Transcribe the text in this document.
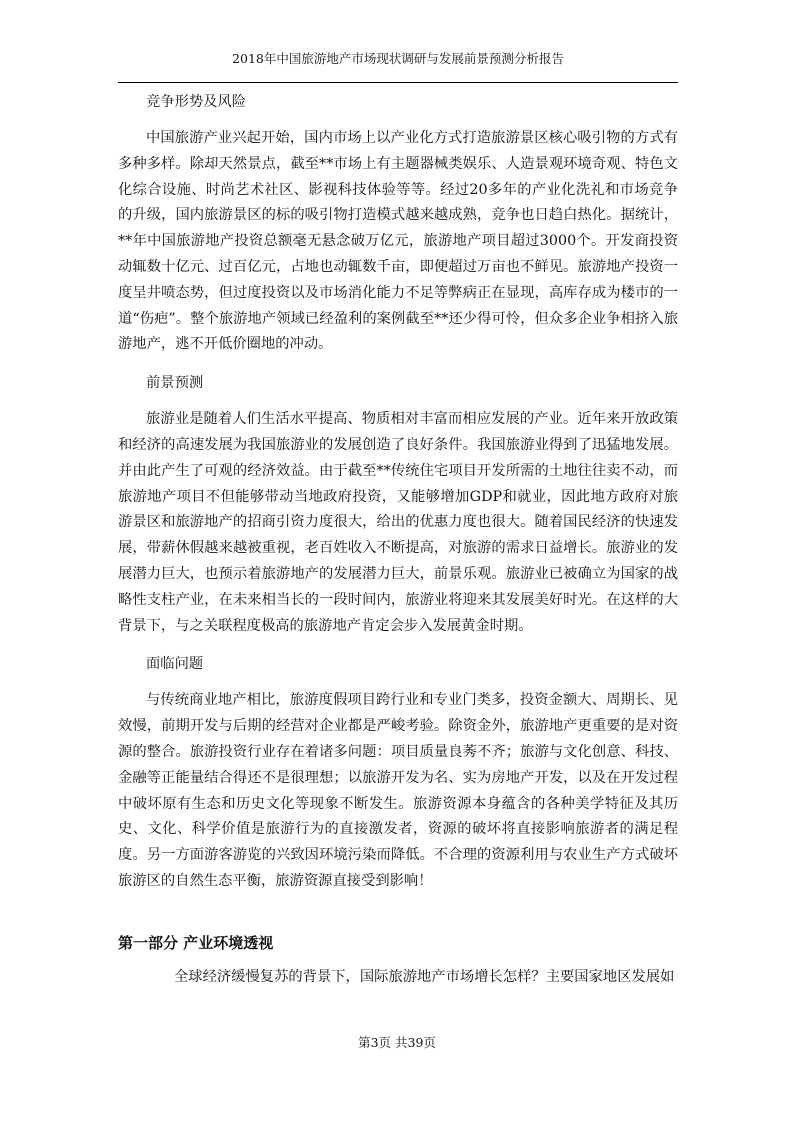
2018年中国旅游地产市场现状调研与发展前景预测分析报告

竞争形势及风险

中国旅游产业兴起开始，国内市场上以产业化方式打造旅游景区核心吸引物的方式有多种多样。除却天然景点，截至**市场上有主题器械类娱乐、人造景观环境奇观、特色文化综合设施、时尚艺术社区、影视科技体验等等。经过20多年的产业化洗礼和市场竞争的升级，国内旅游景区的标的吸引物打造模式越来越成熟，竞争也日趋白热化。据统计，**年中国旅游地产投资总额毫无悬念破万亿元，旅游地产项目超过3000个。开发商投资动辄数十亿元、过百亿元，占地也动辄数千亩，即便超过万亩也不鲜见。旅游地产投资一度呈井喷态势，但过度投资以及市场消化能力不足等弊病正在显现，高库存成为楼市的一道“伤疤”。整个旅游地产领域已经盈利的案例截至**还少得可怜，但众多企业争相挤入旅游地产，逃不开低价圈地的冲动。

前景预测

旅游业是随着人们生活水平提高、物质相对丰富而相应发展的产业。近年来开放政策和经济的高速发展为我国旅游业的发展创造了良好条件。我国旅游业得到了迅猛地发展。并由此产生了可观的经济效益。由于截至**传统住宅项目开发所需的土地往往卖不动，而旅游地产项目不但能够带动当地政府投资，又能够增加GDP和就业，因此地方政府对旅游景区和旅游地产的招商引资力度很大，给出的优惠力度也很大。随着国民经济的快速发展，带薪休假越来越被重视，老百姓收入不断提高，对旅游的需求日益增长。旅游业的发展潜力巨大，也预示着旅游地产的发展潜力巨大，前景乐观。旅游业已被确立为国家的战略性支柱产业，在未来相当长的一段时间内，旅游业将迎来其发展美好时光。在这样的大背景下，与之关联程度极高的旅游地产肯定会步入发展黄金时期。

面临问题

与传统商业地产相比，旅游度假项目跨行业和专业门类多，投资金额大、周期长、见效慢，前期开发与后期的经营对企业都是严峻考验。除资金外，旅游地产更重要的是对资源的整合。旅游投资行业存在着诸多问题：项目质量良莠不齐；旅游与文化创意、科技、金融等正能量结合得还不是很理想；以旅游开发为名、实为房地产开发，以及在开发过程中破坏原有生态和历史文化等现象不断发生。旅游资源本身蕴含的各种美学特征及其历史、文化、科学价值是旅游行为的直接激发者，资源的破坏将直接影响旅游者的满足程度。另一方面游客游览的兴致因环境污染而降低。不合理的资源利用与农业生产方式破坏旅游区的自然生态平衡，旅游资源直接受到影响！

第一部分 产业环境透视

全球经济缓慢复苏的背景下，国际旅游地产市场增长怎样？主要国家地区发展如

第3页 共39页
